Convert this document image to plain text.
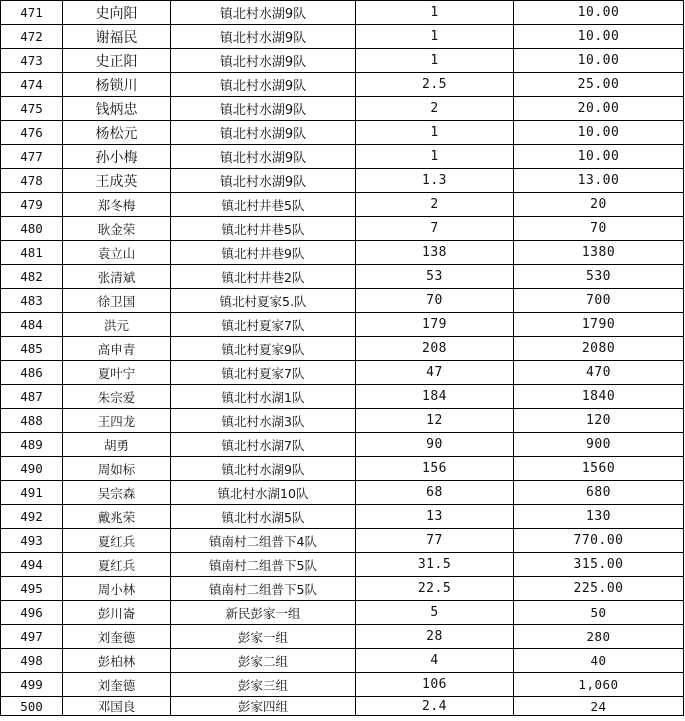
471	史向阳	镇北村水湖9队	1	10.00
472	谢福民	镇北村水湖9队	1	10.00
473	史正阳	镇北村水湖9队	1	10.00
474	杨锁川	镇北村水湖9队	2.5	25.00
475	钱炳忠	镇北村水湖9队	2	20.00
476	杨松元	镇北村水湖9队	1	10.00
477	孙小梅	镇北村水湖9队	1	10.00
478	王成英	镇北村水湖9队	1.3	13.00
479	郑冬梅	镇北村井巷5队	2	20
480	耿金荣	镇北村井巷5队	7	70
481	袁立山	镇北村井巷9队	138	1380
482	张清斌	镇北村井巷2队	53	530
483	徐卫国	镇北村夏家5.队	70	700
484	洪元	镇北村夏家7队	179	1790
485	高申青	镇北村夏家9队	208	2080
486	夏叶宁	镇北村夏家7队	47	470
487	朱宗爱	镇北村水湖1队	184	1840
488	王四龙	镇北村水湖3队	12	120
489	胡勇	镇北村水湖7队	90	900
490	周如标	镇北村水湖9队	156	1560
491	吴宗森	镇北村水湖10队	68	680
492	戴兆荣	镇北村水湖5队	13	130
493	夏红兵	镇南村二组普下4队	77	770.00
494	夏红兵	镇南村二组普下5队	31.5	315.00
495	周小林	镇南村二组普下5队	22.5	225.00
496	彭川崙	新民彭家一组	5	50
497	刘奎德	彭家一组	28	280
498	彭柏林	彭家二组	4	40
499	刘奎德	彭家三组	106	1,060
500	邓国良	彭家四组	2.4	24
